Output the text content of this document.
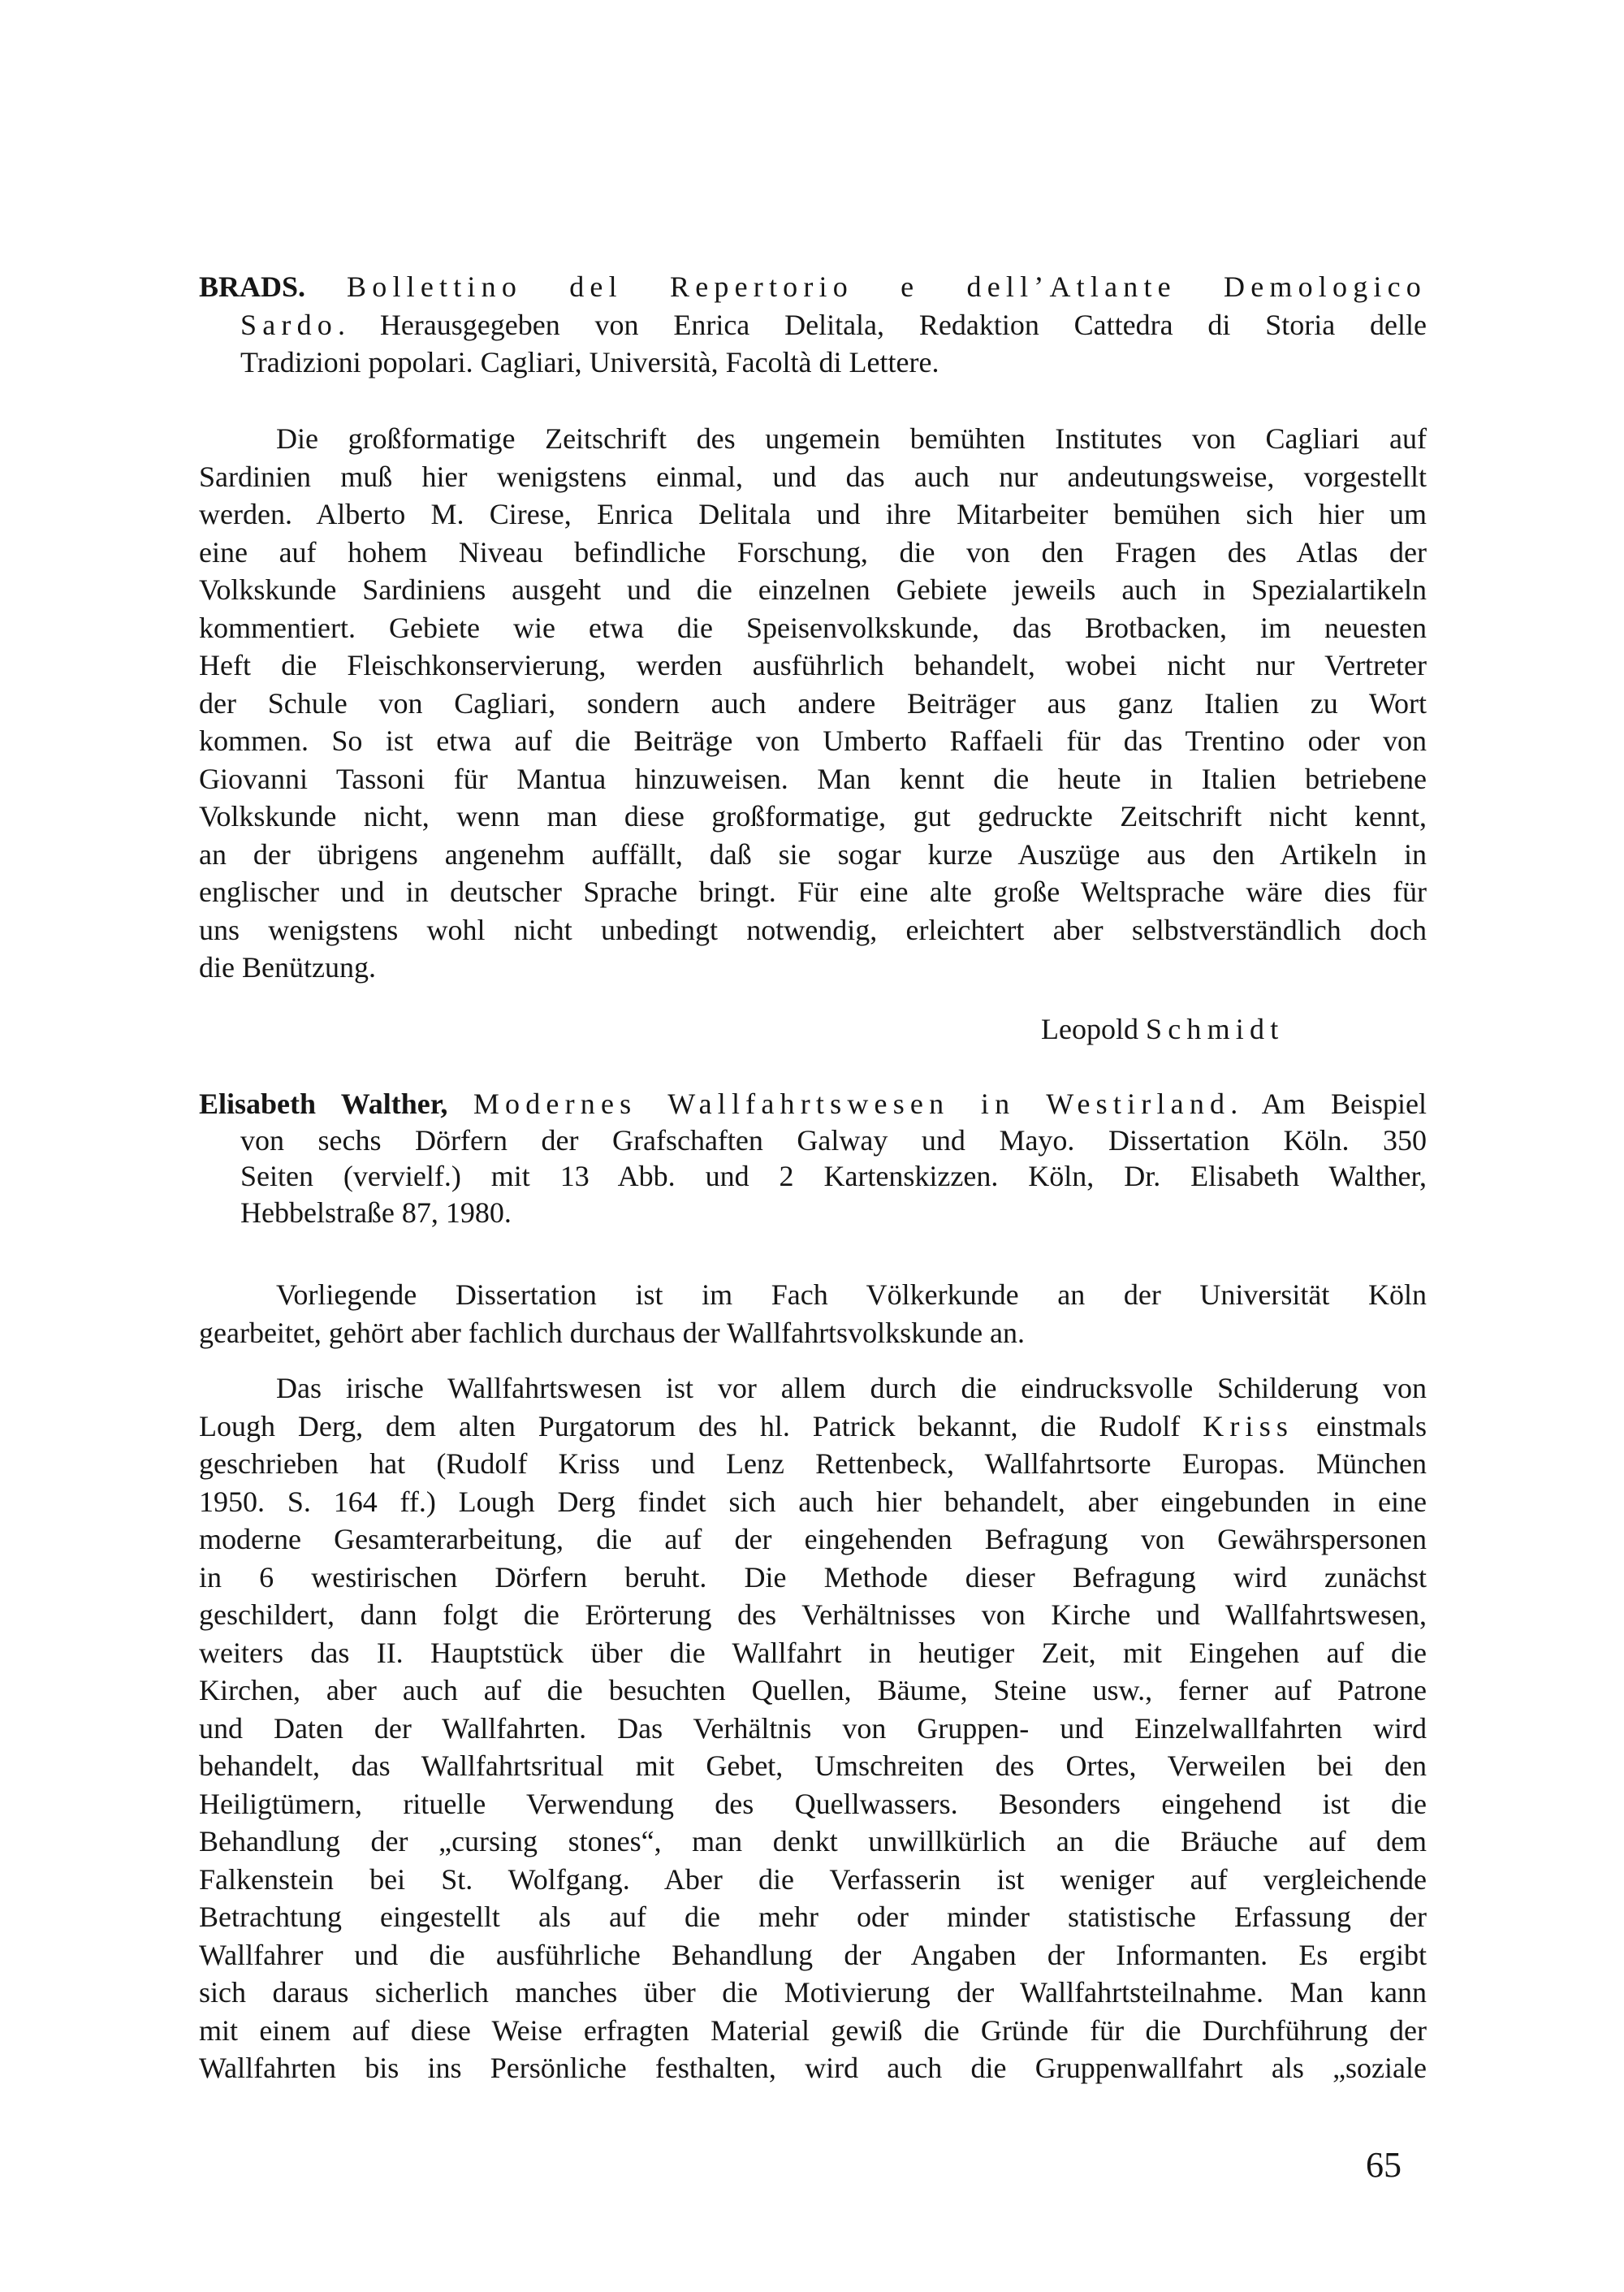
BRADS. Bollettino del Repertorio e dell’Atlante Demologico
Sardo. Herausgegeben von Enrica Delitala, Redaktion Cattedra di Storia delle
Tradizioni popolari. Cagliari, Università, Facoltà di Lettere.
Die großformatige Zeitschrift des ungemein bemühten Institutes von Cagliari auf
Sardinien muß hier wenigstens einmal, und das auch nur andeutungsweise, vorgestellt
werden. Alberto M. Cirese, Enrica Delitala und ihre Mitarbeiter bemühen sich hier um
eine auf hohem Niveau befindliche Forschung, die von den Fragen des Atlas der
Volkskunde Sardiniens ausgeht und die einzelnen Gebiete jeweils auch in Spezialartikeln
kommentiert. Gebiete wie etwa die Speisenvolkskunde, das Brotbacken, im neuesten
Heft die Fleischkonservierung, werden ausführlich behandelt, wobei nicht nur Vertreter
der Schule von Cagliari, sondern auch andere Beiträger aus ganz Italien zu Wort
kommen. So ist etwa auf die Beiträge von Umberto Raffaeli für das Trentino oder von
Giovanni Tassoni für Mantua hinzuweisen. Man kennt die heute in Italien betriebene
Volkskunde nicht, wenn man diese großformatige, gut gedruckte Zeitschrift nicht kennt,
an der übrigens angenehm auffällt, daß sie sogar kurze Auszüge aus den Artikeln in
englischer und in deutscher Sprache bringt. Für eine alte große Weltsprache wäre dies für
uns wenigstens wohl nicht unbedingt notwendig, erleichtert aber selbstverständlich doch
die Benützung.
Leopold Schmidt
Elisabeth Walther, Modernes Wallfahrtswesen in Westirland. Am Beispiel
von sechs Dörfern der Grafschaften Galway und Mayo. Dissertation Köln. 350
Seiten (vervielf.) mit 13 Abb. und 2 Kartenskizzen. Köln, Dr. Elisabeth Walther,
Hebbelstraße 87, 1980.
Vorliegende Dissertation ist im Fach Völkerkunde an der Universität Köln
gearbeitet, gehört aber fachlich durchaus der Wallfahrtsvolkskunde an.
Das irische Wallfahrtswesen ist vor allem durch die eindrucksvolle Schilderung von
Lough Derg, dem alten Purgatorum des hl. Patrick bekannt, die Rudolf Kriss einstmals
geschrieben hat (Rudolf Kriss und Lenz Rettenbeck, Wallfahrtsorte Europas. München
1950. S. 164 ff.) Lough Derg findet sich auch hier behandelt, aber eingebunden in eine
moderne Gesamterarbeitung, die auf der eingehenden Befragung von Gewährspersonen
in 6 westirischen Dörfern beruht. Die Methode dieser Befragung wird zunächst
geschildert, dann folgt die Erörterung des Verhältnisses von Kirche und Wallfahrtswesen,
weiters das II. Hauptstück über die Wallfahrt in heutiger Zeit, mit Eingehen auf die
Kirchen, aber auch auf die besuchten Quellen, Bäume, Steine usw., ferner auf Patrone
und Daten der Wallfahrten. Das Verhältnis von Gruppen- und Einzelwallfahrten wird
behandelt, das Wallfahrtsritual mit Gebet, Umschreiten des Ortes, Verweilen bei den
Heiligtümern, rituelle Verwendung des Quellwassers. Besonders eingehend ist die
Behandlung der „cursing stones“, man denkt unwillkürlich an die Bräuche auf dem
Falkenstein bei St. Wolfgang. Aber die Verfasserin ist weniger auf vergleichende
Betrachtung eingestellt als auf die mehr oder minder statistische Erfassung der
Wallfahrer und die ausführliche Behandlung der Angaben der Informanten. Es ergibt
sich daraus sicherlich manches über die Motivierung der Wallfahrtsteilnahme. Man kann
mit einem auf diese Weise erfragten Material gewiß die Gründe für die Durchführung der
Wallfahrten bis ins Persönliche festhalten, wird auch die Gruppenwallfahrt als „soziale
65
